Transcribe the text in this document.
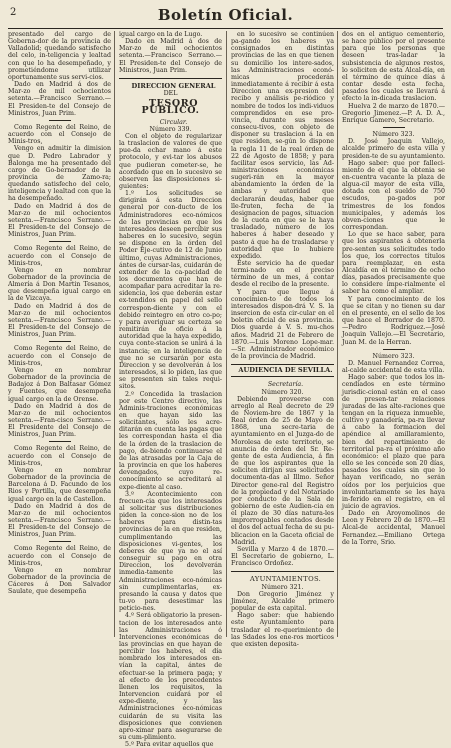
2	Boletín Oficial.

presentado del cargo de Goberna-dor de la provincia de Valladolid; quedando satisfecho del celo, in-teligencia y lealtad con que lo ha desempeñado, y prometiéndome utilizar oportunamente sus servi-cios.

Dado en Madrid á dos de Mar-zo de mil ochocientos setenta.—Francisco Serrano.—El Presiden-te del Consejo de Ministros, Juan Prim.

Como Regente del Reino, de acuerdo con el Consejo de Minis-tros,

Vengo en admitir la dimision que D. Pedro Labrador y Balonga me ha presentado del cargo de Go-bernador de la provincia de Zamo-ra; quedando satisfecho del celo, inteligencia y lealtad con que la ha desempeñado.

Dado en Madrid á dos de Mar-zo de mil ochocientos setenta.—Francisco Serrano.—El Presiden-te del Consejo de Ministros, Juan Prim.

Como Regente del Reino, de acuerdo con el Consejo de Minis-tros,

Vengo en nombrar Gobernador de la provincia de Almería á Don Martin Tesanos, que desempeña igual cargo en la de Vizcaya.

Dado en Madrid á dos de Mar-zo de mil ochocientos setenta.—Francisco Serrano.—El Presiden-te del Consejo de Ministros, Juan Prim.

Como Regente del Reino, de acuerdo con el Consejo de Minis-tros,

Vengo en nombrar Gobernador de la provincia de Badajoz á Don Baltasar Gómez y Fuentes, que desempeña igual cargo en la de Orense.

Dado en Madrid á dos de Mar-zo de mil ochocientos setenta.—Fran-cisco Serrano.—El Presidente del Consejo de Ministros, Juan Prim.

Como Regente del Reino, de acuerdo con el Consejo de Minis-tros,

Vengo en nombrar Gobernador de la provincia de Barcelona á D. Facundo de los Rios y Portilla, que desempeña igual cargo en la de Castellon.

Dado en Madrid á dos de Mar-zo de mil ochocientos setenta.—Francisco Serrano.—El Presiden-te del Consejo de Ministros, Juan Prim.

Como Regente del Reino, de acuerdo con el Consejo de Minis-tros,

Vengo en nombrar Gobernador de la provincia de Cáceres á Don Salvador Saulate, que desempeña

igual cargo en la de Lugo.

Dado en Madrid á dos de Mar-zo de mil ochocientos setenta.—Francisco Serrano.—El Presiden-te del Consejo de Ministros, Juan Prim.

DIRECCION GENERAL

DEL

TESORO PÚBLICO.

Circular.

Número 339.

Con el objeto de regularizar la traslacion de valores de que pue-da echar mano á este protocolo, y evi-tar los abusos que pudieran cometer-se, he acordado que en lo sucesivo se observen las disposiciones si-guientes:

1.º Los solicitudes se dirigirán á esta Direccion general por con-ducto de los Administradores eco-nómicos de las provincias en que los interesados deseen percibir sus haberes en lo sucesivo, según se dispone en la órden del Poder Eje-cutivo de 12 de Junio último, cuyas Administraciones, ántes de cursar-las, cuidarán de extender de la ca-pacidad de los documentos que han de acompañar para acreditar la re-sidencia, los que deberán estar ex-tendidos en papel del sello correspon-diente y con el debido reintegro en otro co-po; y para averiguar su certeza se remitirán de oficio á la autoridad que la haya expedido, cuya conte-stacion se unirá á la instancia; en la inteligencia de que no se cursarán por esta Direccion y se devolverán á los interesados, si lo piden, las que se presenten sin tales requi-sitos.

2.º Concedida la traslacion por este Centro directivo, las Adminis-traciones económicas en que hayan sido las solicitantes, sólo les acre-ditarán en cuenta las pagas que les correspondan hasta el dia de la órden de la traslacion de pago, de-biendo continuarse el de las atrasadas por la Caja de la provincia en que los haberes devengados, cuyo re-conocimiento se acreditará al expe-diente al caso.

3.º Acontecimiento con frecuen-cia que los interesados al solicitar sus distribuciones piden la conce-sion no de los haberes para distin-tas provincias de la en que residen, cumplimentando las disposiciones vi-gentes, los deberes de que ya no el así conseguir su pago en otra Direccion, los devolverán inmedia-tamente las Administraciones eco-nómicas sin cumplimentarlas, ex-presando la causa y datos que tu-vo para desestimar las peticio-nes.

4.º Será obligatorio la presen-tacion de los interesados ante las Administraciones ó Intervenciones económicas de las provincias en que hayan de percibir los haberes, el día nombrado los interesados en-vían la capital, ántes de efectuar-se la primera paga; y al efecto de los precedentes llenen los requisitos, la Intervencion cuidará por el expe-diente, y las Administraciones eco-nómicas cuidarán de su visita las disposiciones que convienen apro-ximar para asegurarse de su cum-plimiento.

5.º Para evitar aquellos que

en lo sucesivo se continúen pa-gando los haberes ya consignados en distintas provincias de las en que tienen su domicilio los intere-sados, las Administraciones econó-micas procederán inmediatamente á recibir á esta Direccion una ex-presion del recibo y análisis pe-riódico y nombre de todos los indi-viduos comprendidos en ese pro-vincia, durante sus meses consecu-tivos, con objeto de disponer su traslacion á la en que residen, se-gún lo dispone la regla 11 de la real órden de 22 de Agosto de 1858; y para facilitar esos servicio, las Ad-ministraciones económicas sugeri-rán en la mayor abandamiento la órden de la ámbas y autoridad que declararán deudas, haber que lle-fruten, fecha de la designacion de pagos, situacion de la cuota en que se le haya trasladado, número de los haberes á haber deseado y pasto á que ha de trasladarse y autoridad que lo hubiere expedido.

Este servicio ha de quedar termi-nado en el preciso término de un mes, á contar desde el recibo de la presente.

Y para que llegue á conocimien-to de todos los interesados dispon-drá V. S. la insercion de esta cir-cular en el boletin oficial de esa provincia. Dios guarde á V. S. mu-chos años. Madrid 21 de Febrero de 1870.—Luis Moreno Lope-mar.—Sr. Administrador económico de la provincia de Madrid.

AUDIENCIA DE SEVILLA.

Secretaría.

Número 320.

Debiendo proveerse con arreglo al Real decreto de 29 de Noviem-bre de 1867 y la Real órden de 25 de Mayo de 1868, una secre-taria de ayuntamiento en el Juzga-do de Morolesa de este territorio, se anuncia de órden del Sr. Re-gente de esta Audiencia, á fin de que los aspirantes que la soliciten dirijan sus solicitudes documenta-das al Illmo. Señor Director gene-ral del Registro de la propiedad y del Notariado por conducto de la Sala de gobierno de este Audien-cia en el plazo de 30 días natura-les improrrogables contados desde el dos del actual fecha de su pu-blicacion en la Gaceta oficial de Madrid.

Sevilla y Marzo 4 de 1870.—El Secretario de gobierno, L. Francisco Ordoñez.

AYUNTAMIENTOS.

Número 321.

Don Gregorio Jiménez y Jiménez, Alcalde primero popular de esta capital.

Hago saber: que habiendo este Ayuntamiento para trasladar el re-querimiento de las Sdades los ene-ros morticos que existen deposita-

dos en el antiguo cementerio, se hace público por el presente para que los personas que deseen tras-ladar la subsistencia de algunos restos, lo soliciten de esta Alcal-día, en el término de quince días á contar desde esta fecha, pasados los cuales se llevará á efecto la in-dicada traslacion.

Huelva 2 de marzo de 1870.—Gregorio Jimenez.—P. A. D. A., Enrique Gamero, Secretario.

Número 323.

D. José Joaquin Vallejo, alcalde primero de esta villa y presiden-te de su ayuntamiento.

Hago saber: que por falleci-miento de el que la obtenia se en-cuentra vacante la plaza de algua-cil mayor de esta villa, dotada con el sueldo de 750 escudos, pa-gados por trimestres de los fondos municipales, y además los obven-ciones que le correspondan.

Lo que se hace saber, para que los aspirantes á obtenerla pre-senten sus solicitudes todo los que, los correctos títulos para reemplazar, en esta Alcaldía en el término de ocho días, pasados precisamente que lo considere impe-rialmente el saber ha como el ampliar.

Y para conocimiento de los que se citan y no tienen su dar en el presente, en el sello de los que hace el Borrador de 1870.—Pedro Rodríguez.—José Joaquin Vallejo.—El Secretario, Juan M. de la Herran.

Número 323.

D. Manuel Fernandez Correa, al-calde accidental de esta villa.

Hago saber: que todos los in-cendiados en este término jurisdic-cional están en el caso de presen-tar relaciones juradas de las alte-raciones que tengan en la riqueza inmueble, cultivo y ganadería, pa-ra llevar á cabo la formacion del apéndice al amillaramiento, bien del repartimiento de territorial pa-ra el próximo año económico: el plazo que para ello se les concede son 20 días, pasados los cuales sin que lo hayan verificado, no serán oídos por los perjuicios que involuntariamente se les haya in-ferido en el registro, en el juicio de agravios.

Dado en Aroyomolinos de Leon y Febrero 20 de 1870.—El Alcal-de accidental, Manuel Fernandez.—Emiliano Ortega de la Torre, Srio.
